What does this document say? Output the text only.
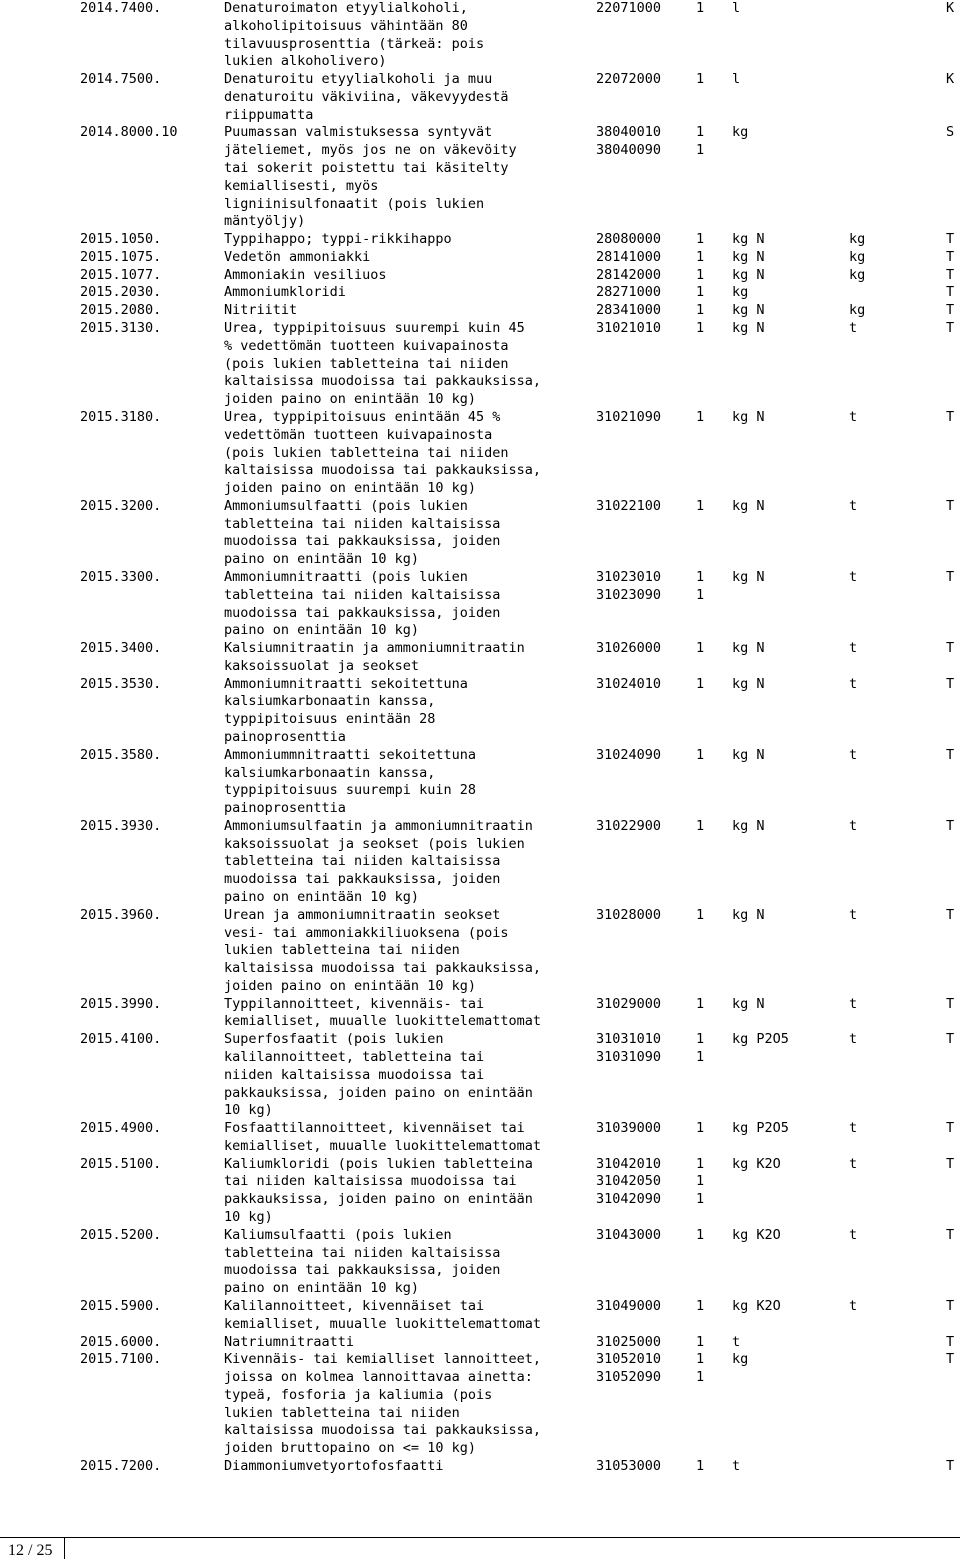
2014.7400.	Denaturoimaton etyylialkoholi,	22071000	1 l	K
alkoholipitoisuus vähintään 80
tilavuusprosenttia (tärkeä: pois
lukien alkoholivero)
2014.7500.	Denaturoitu etyylialkoholi ja muu	22072000	1 l	K
denaturoitu väkiviina, väkevyydestä
riippumatta
2014.8000.10	Puumassan valmistuksessa syntyvät	38040010	1 kg	S
jäteliemet, myös jos ne on väkevöity	38040090	1
tai sokerit poistettu tai käsitelty
kemiallisesti, myös
ligniinisulfonaatit (pois lukien
mäntyöljy)
2015.1050.	Typpihappo; typpi-rikkihappo	28080000	1 kg N	kg	T
2015.1075.	Vedetön ammoniakki	28141000	1 kg N	kg	T
2015.1077.	Ammoniakin vesiliuos	28142000	1 kg N	kg	T
2015.2030.	Ammoniumkloridi	28271000	1 kg	T
2015.2080.	Nitriitit	28341000	1 kg N	kg	T
2015.3130.	Urea, typpipitoisuus suurempi kuin 45	31021010	1 kg N	t	T
% vedettömän tuotteen kuivapainosta
(pois lukien tabletteina tai niiden
kaltaisissa muodoissa tai pakkauksissa,
joiden paino on enintään 10 kg)
2015.3180.	Urea, typpipitoisuus enintään 45 %	31021090	1 kg N	t	T
vedettömän tuotteen kuivapainosta
(pois lukien tabletteina tai niiden
kaltaisissa muodoissa tai pakkauksissa,
joiden paino on enintään 10 kg)
2015.3200.	Ammoniumsulfaatti (pois lukien	31022100	1 kg N	t	T
tabletteina tai niiden kaltaisissa
muodoissa tai pakkauksissa, joiden
paino on enintään 10 kg)
2015.3300.	Ammoniumnitraatti (pois lukien	31023010	1 kg N	t	T
tabletteina tai niiden kaltaisissa	31023090	1
muodoissa tai pakkauksissa, joiden
paino on enintään 10 kg)
2015.3400.	Kalsiumnitraatin ja ammoniumnitraatin	31026000	1 kg N	t	T
kaksoissuolat ja seokset
2015.3530.	Ammoniumnitraatti sekoitettuna	31024010	1 kg N	t	T
kalsiumkarbonaatin kanssa,
typpipitoisuus enintään 28
painoprosenttia
2015.3580.	Ammoniummnitraatti sekoitettuna	31024090	1 kg N	t	T
kalsiumkarbonaatin kanssa,
typpipitoisuus suurempi kuin 28
painoprosenttia
2015.3930.	Ammoniumsulfaatin ja ammoniumnitraatin	31022900	1 kg N	t	T
kaksoissuolat ja seokset (pois lukien
tabletteina tai niiden kaltaisissa
muodoissa tai pakkauksissa, joiden
paino on enintään 10 kg)
2015.3960.	Urean ja ammoniumnitraatin seokset	31028000	1 kg N	t	T
vesi- tai ammoniakkiliuoksena (pois
lukien tabletteina tai niiden
kaltaisissa muodoissa tai pakkauksissa,
joiden paino on enintään 10 kg)
2015.3990.	Typpilannoitteet, kivennäis- tai	31029000	1 kg N	t	T
kemialliset, muualle luokittelemattomat
2015.4100.	Superfosfaatit (pois lukien	31031010	1 kg P2O5	t	T
kalilannoitteet, tabletteina tai	31031090	1
niiden kaltaisissa muodoissa tai
pakkauksissa, joiden paino on enintään
10 kg)
2015.4900.	Fosfaattilannoitteet, kivennäiset tai	31039000	1 kg P2O5	t	T
kemialliset, muualle luokittelemattomat
2015.5100.	Kaliumkloridi (pois lukien tabletteina	31042010	1 kg K2O	t	T
tai niiden kaltaisissa muodoissa tai	31042050	1
pakkauksissa, joiden paino on enintään	31042090	1
10 kg)
2015.5200.	Kaliumsulfaatti (pois lukien	31043000	1 kg K2O	t	T
tabletteina tai niiden kaltaisissa
muodoissa tai pakkauksissa, joiden
paino on enintään 10 kg)
2015.5900.	Kalilannoitteet, kivennäiset tai	31049000	1 kg K2O	t	T
kemialliset, muualle luokittelemattomat
2015.6000.	Natriumnitraatti	31025000	1 t	T
2015.7100.	Kivennäis- tai kemialliset lannoitteet,	31052010	1 kg	T
joissa on kolmea lannoittavaa ainetta:	31052090	1
typeä, fosforia ja kaliumia (pois
lukien tabletteina tai niiden
kaltaisissa muodoissa tai pakkauksissa,
joiden bruttopaino on <= 10 kg)
2015.7200.	Diammoniumvetyortofosfaatti	31053000	1 t	T
12 / 25
